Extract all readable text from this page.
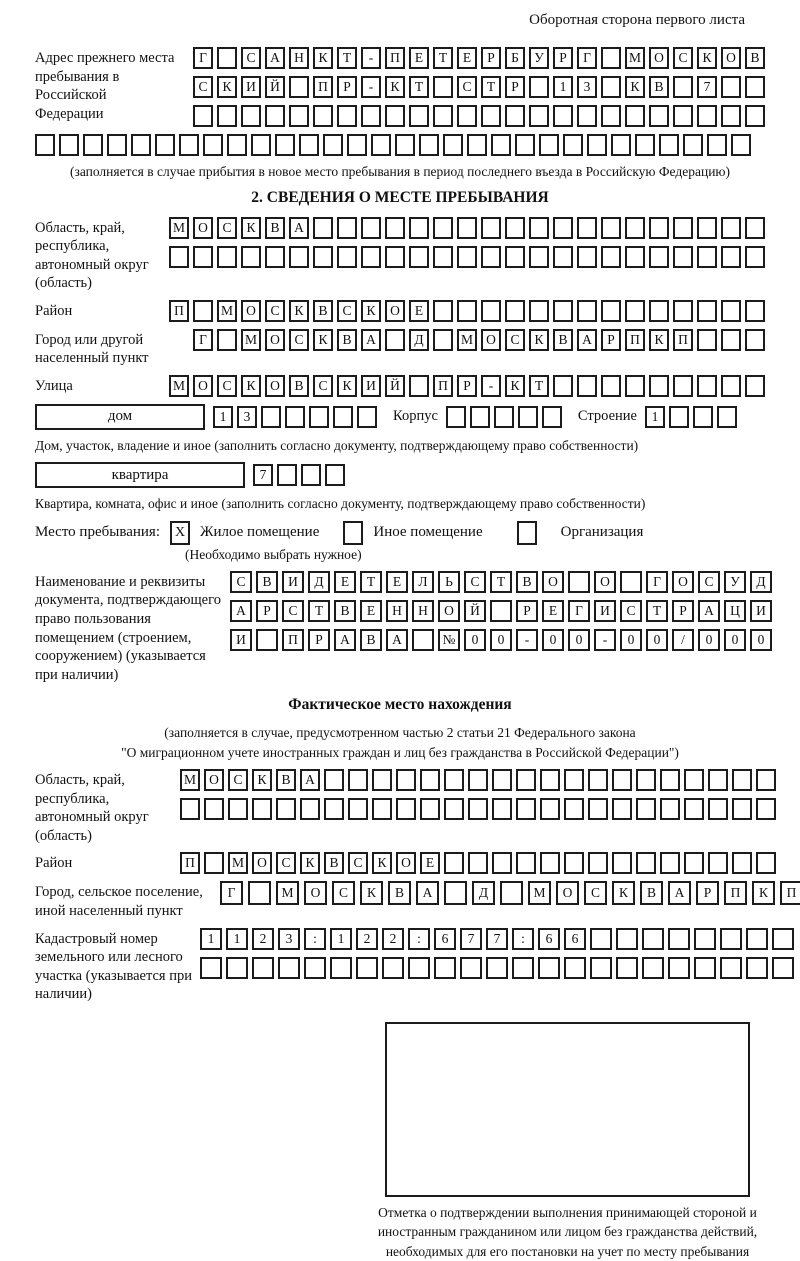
Оборотная сторона первого листа
Адрес прежнего места пребывания в Российской Федерации
Г	С	А	Н	К	Т	-	П	Е	Т	Е	Р	Б	У	Р	Г	М О	С	К	О	В
С	К	И	Й	П	Р	-	К	Т	С	Т	Р	1	3	К	В	7
(заполняется в случае прибытия в новое место пребывания в период последнего въезда в Российскую Федерацию)
2. СВЕДЕНИЯ О МЕСТЕ ПРЕБЫВАНИЯ
Область, край, республика, автономный округ (область)
М О	С	К	В	А
Район	П	М О	С	К	В	С	К	О	Е
Город или другой населенный пункт
Г	М О	С	К	В	А	Д	М О	С	К	В	А	Р	П	К	П
Улица	М О	С	К	О	В	С	К	И	Й	П	Р	-	К	Т
дом	1	3	Корпус	Строение	1
Дом, участок, владение и иное (заполнить согласно документу, подтверждающему право собственности)
квартира	7
Квартира, комната, офис и иное (заполнить согласно документу, подтверждающему право собственности)
Место пребывания:	X Жилое помещение	Иное помещение	Организация
(Необходимо выбрать нужное)
Наименование и реквизиты документа, подтверждающего право пользования помещением (строением, сооружением) (указывается при наличии)
С	В	И	Д	Е	Т	Е	Л	Ь	С	Т	В	О	О	Г	О	С	У	Д
А	Р	С	Т	В	Е	Н	Н	О	Й	Р	Е	Г	И	С	Т	Р	А	Ц	И
И	П	Р	А	В	А	№	0	0	-	0	0	-	0	0	/	0	0	0
Фактическое место нахождения
(заполняется в случае, предусмотренном частью 2 статьи 21 Федерального закона
"О миграционном учете иностранных граждан и лиц без гражданства в Российской Федерации")
Область, край, республика, автономный округ (область)
М О	С	К	В	А
Район	П	М О	С	К	В	С	К	О	Е
Город, сельское поселение, иной населенный пункт
Г	М	О	С	К	В	А	Д	М	О	С	К	В	А	Р	П	К	П
Кадастровый номер земельного или лесного участка (указывается при наличии)
1	1	2	3	:	1	2	2	:	6	7	7	:	6	6
Отметка о подтверждении выполнения принимающей стороной и иностранным гражданином или лицом без гражданства действий, необходимых для его постановки на учет по месту пребывания
